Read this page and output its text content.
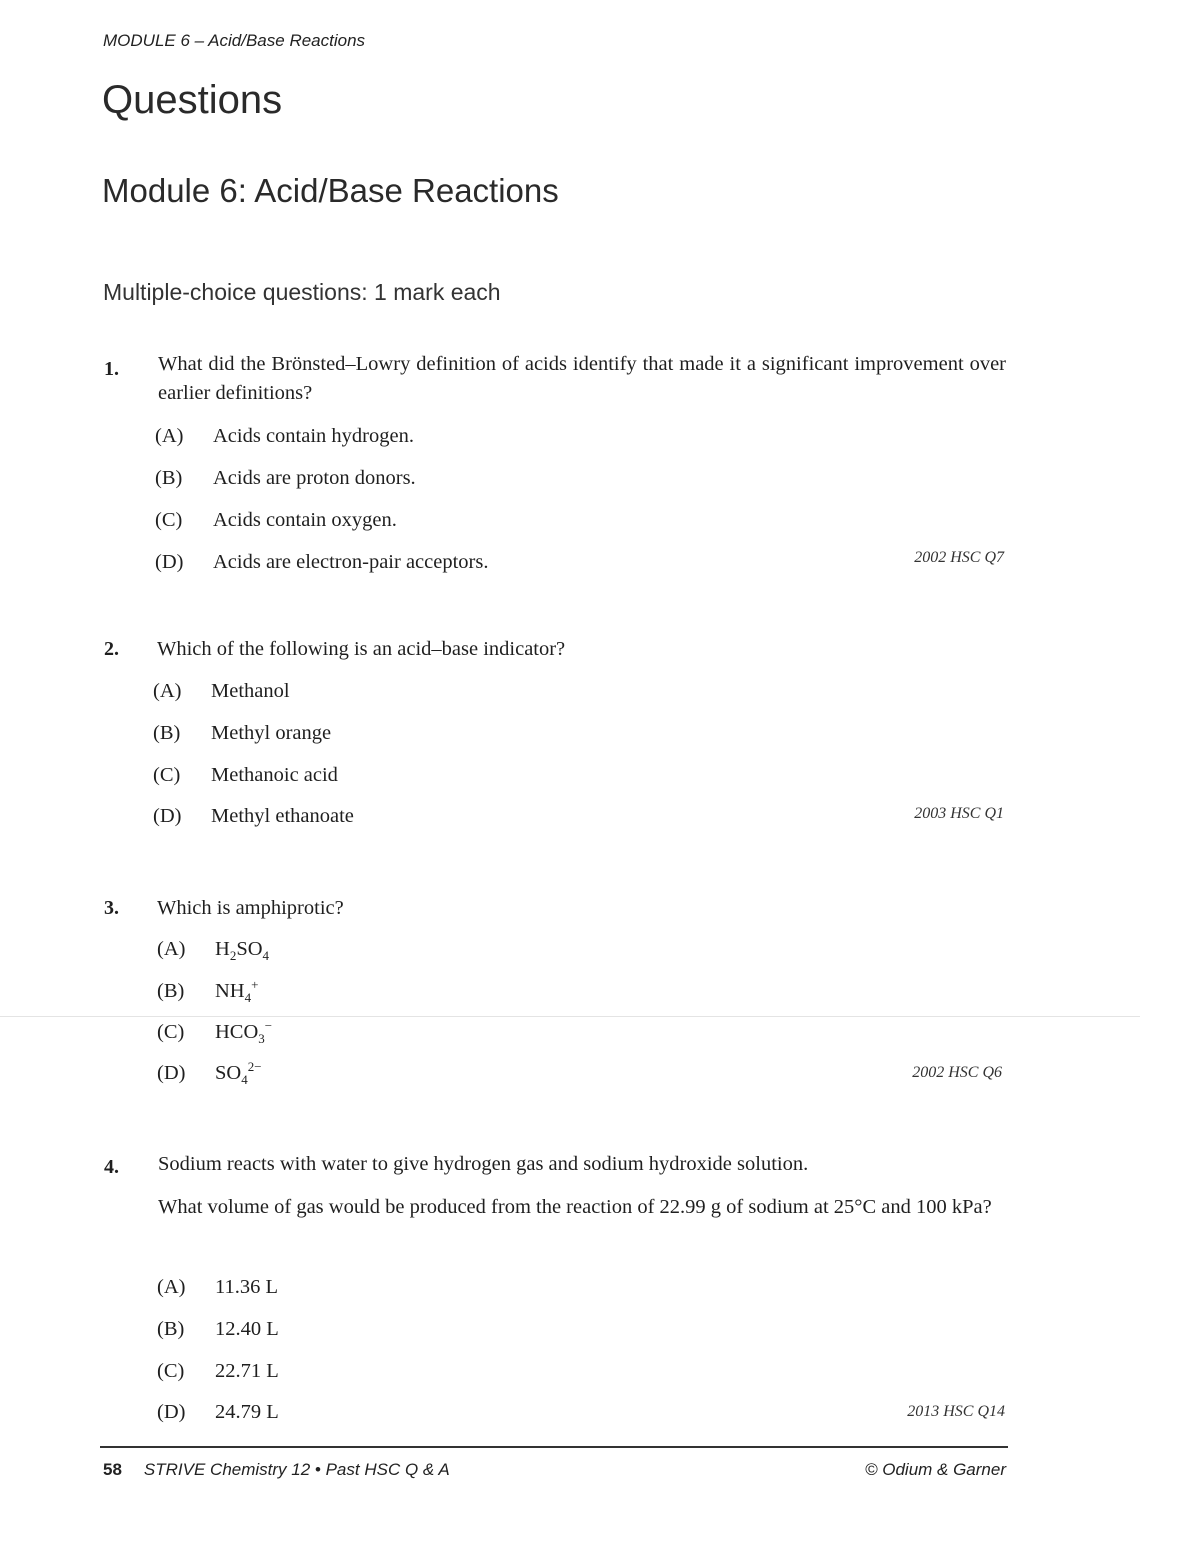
MODULE 6 – Acid/Base Reactions
Questions
Module 6: Acid/Base Reactions
Multiple-choice questions: 1 mark each
1. What did the Brönsted–Lowry definition of acids identify that made it a significant improvement over earlier definitions?
(A) Acids contain hydrogen.
(B) Acids are proton donors.
(C) Acids contain oxygen.
(D) Acids are electron-pair acceptors.	2002 HSC Q7
2. Which of the following is an acid–base indicator?
(A) Methanol
(B) Methyl orange
(C) Methanoic acid
(D) Methyl ethanoate	2003 HSC Q1
3. Which is amphiprotic?
(A) $H_2SO_4$
(B) $NH_4^+$
(C) $HCO_3^-$
(D) $SO_4^{2-}$	2002 HSC Q6
4. Sodium reacts with water to give hydrogen gas and sodium hydroxide solution.
What volume of gas would be produced from the reaction of 22.99 g of sodium at 25°C and 100 kPa?
(A) 11.36 L
(B) 12.40 L
(C) 22.71 L
(D) 24.79 L	2013 HSC Q14
58 STRIVE Chemistry 12 • Past HSC Q & A	© Odium & Garner
